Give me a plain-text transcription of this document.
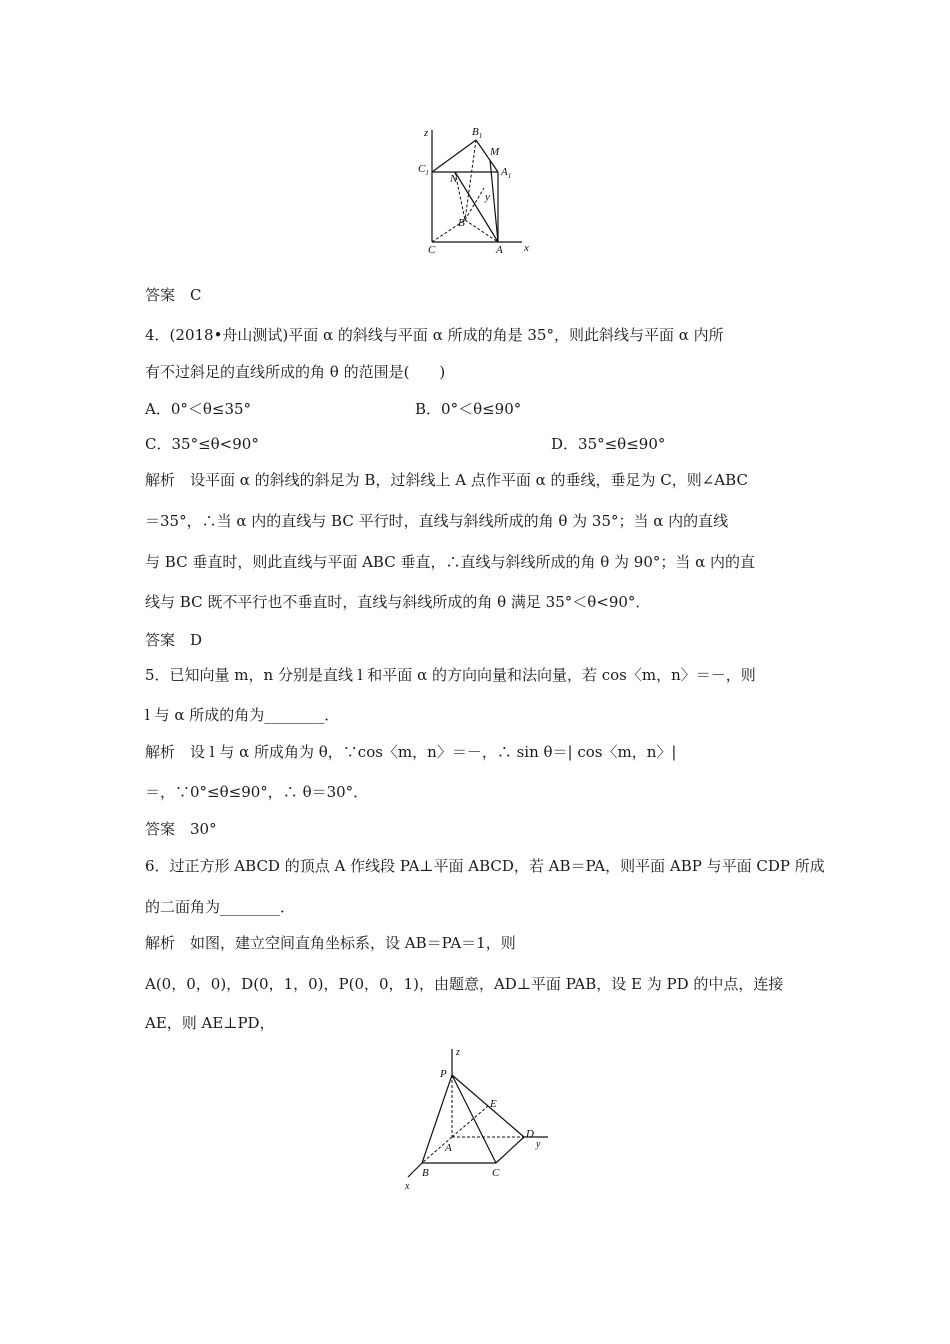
z	$B_1$
M
$C_1$ N
$A_1$
y
B
C	A x
答案　C
4．(2018•舟山测试)平面 α 的斜线与平面 α 所成的角是 35°，则此斜线与平面 α 内所
有不过斜足的直线所成的角 θ 的范围是(　　)
A．0°＜θ≤35°	B．0°＜θ≤90°
C．35°≤θ<90°	D．35°≤θ≤90°
解析　设平面 α 的斜线的斜足为 B，过斜线上 A 点作平面 α 的垂线，垂足为 C，则∠ABC
＝35°，∴当 α 内的直线与 BC 平行时，直线与斜线所成的角 θ 为 35°；当 α 内的直线
与 BC 垂直时，则此直线与平面 ABC 垂直，∴直线与斜线所成的角 θ 为 90°；当 α 内的直
线与 BC 既不平行也不垂直时，直线与斜线所成的角 θ 满足 35°＜θ<90°．
答案　D
5．已知向量 m，n 分别是直线 l 和平面 α 的方向向量和法向量，若 cos〈m，n〉＝－，则
l 与 α 所成的角为________．
解析　设 l 与 α 所成角为 θ，∵cos〈m，n〉＝－，∴ sin θ＝| cos〈m，n〉|
＝，∵0°≤θ≤90°，∴ θ＝30°．
答案　30°
6．过正方形 ABCD 的顶点 A 作线段 PA⊥平面 ABCD，若 AB＝PA，则平面 ABP 与平面 CDP 所成
的二面角为________．
解析　如图，建立空间直角坐标系，设 AB＝PA＝1，则
A(0，0，0)，D(0，1，0)，P(0，0，1)，由题意，AD⊥平面 PAB，设 E 为 PD 的中点，连接
AE，则 AE⊥PD，
z
P
E
D
y
A
B	C
x
